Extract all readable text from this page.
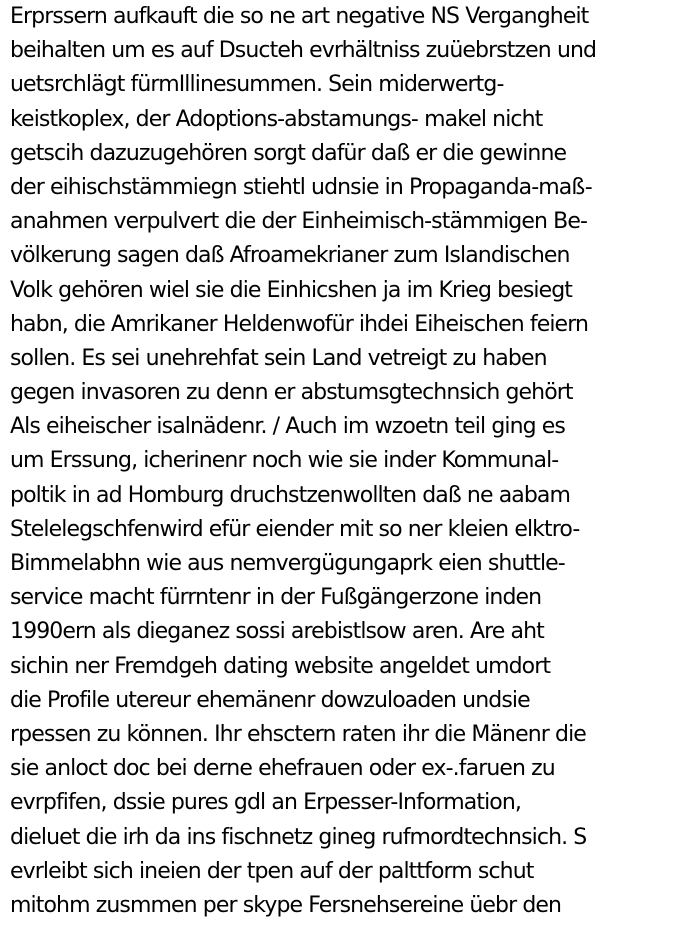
Erprssern aufkauft die so ne art negative NS Vergangheit
beihalten um es auf Dsucteh evrhältniss zuüebrstzen und
uetsrchlägt fürmIllinesummen. Sein miderwertg-
keistkoplex, der Adoptions-abstamungs- makel nicht
getscih dazuzugehören sorgt dafür daß er die gewinne
der eihischstämmiegn stiehtl udnsie in Propaganda-maß-
anahmen verpulvert die der Einheimisch-stämmigen Be-
völkerung sagen daß Afroamekrianer zum Islandischen
Volk gehören wiel sie die Einhicshen ja im Krieg besiegt
habn, die Amrikaner Heldenwofür ihdei Eiheischen feiern
sollen. Es sei unehrehfat sein Land vetreigt zu haben
gegen invasoren zu denn er abstumsgtechnsich gehört
Als eiheischer isalnädenr. / Auch im wzoetn teil ging es
um Erssung, icherinenr noch wie sie inder Kommunal-
poltik in ad Homburg druchstzenwollten daß ne aabam
Stelelegschfenwird efür eiender mit so ner kleien elktro-
Bimmelabhn wie aus nemvergügungaprk eien shuttle-
service macht fürrntenr in der Fußgängerzone inden
1990ern als dieganez sossi arebistlsow aren. Are aht
sichin ner Fremdgeh dating website angeldet umdort
die Profile utereur ehemänenr dowzuloaden undsie
rpessen zu können. Ihr ehsctern raten ihr die Mänenr die
sie anloct doc bei derne ehefrauen oder ex-.faruen zu
evrpfifen, dssie pures gdl an Erpesser-Information,
dieluet die irh da ins fischnetz gineg rufmordtechnsich. S
evrleibt sich ineien der tpen auf der palttform schut
mitohm zusmmen per skype Fersnehsereine üebr den
